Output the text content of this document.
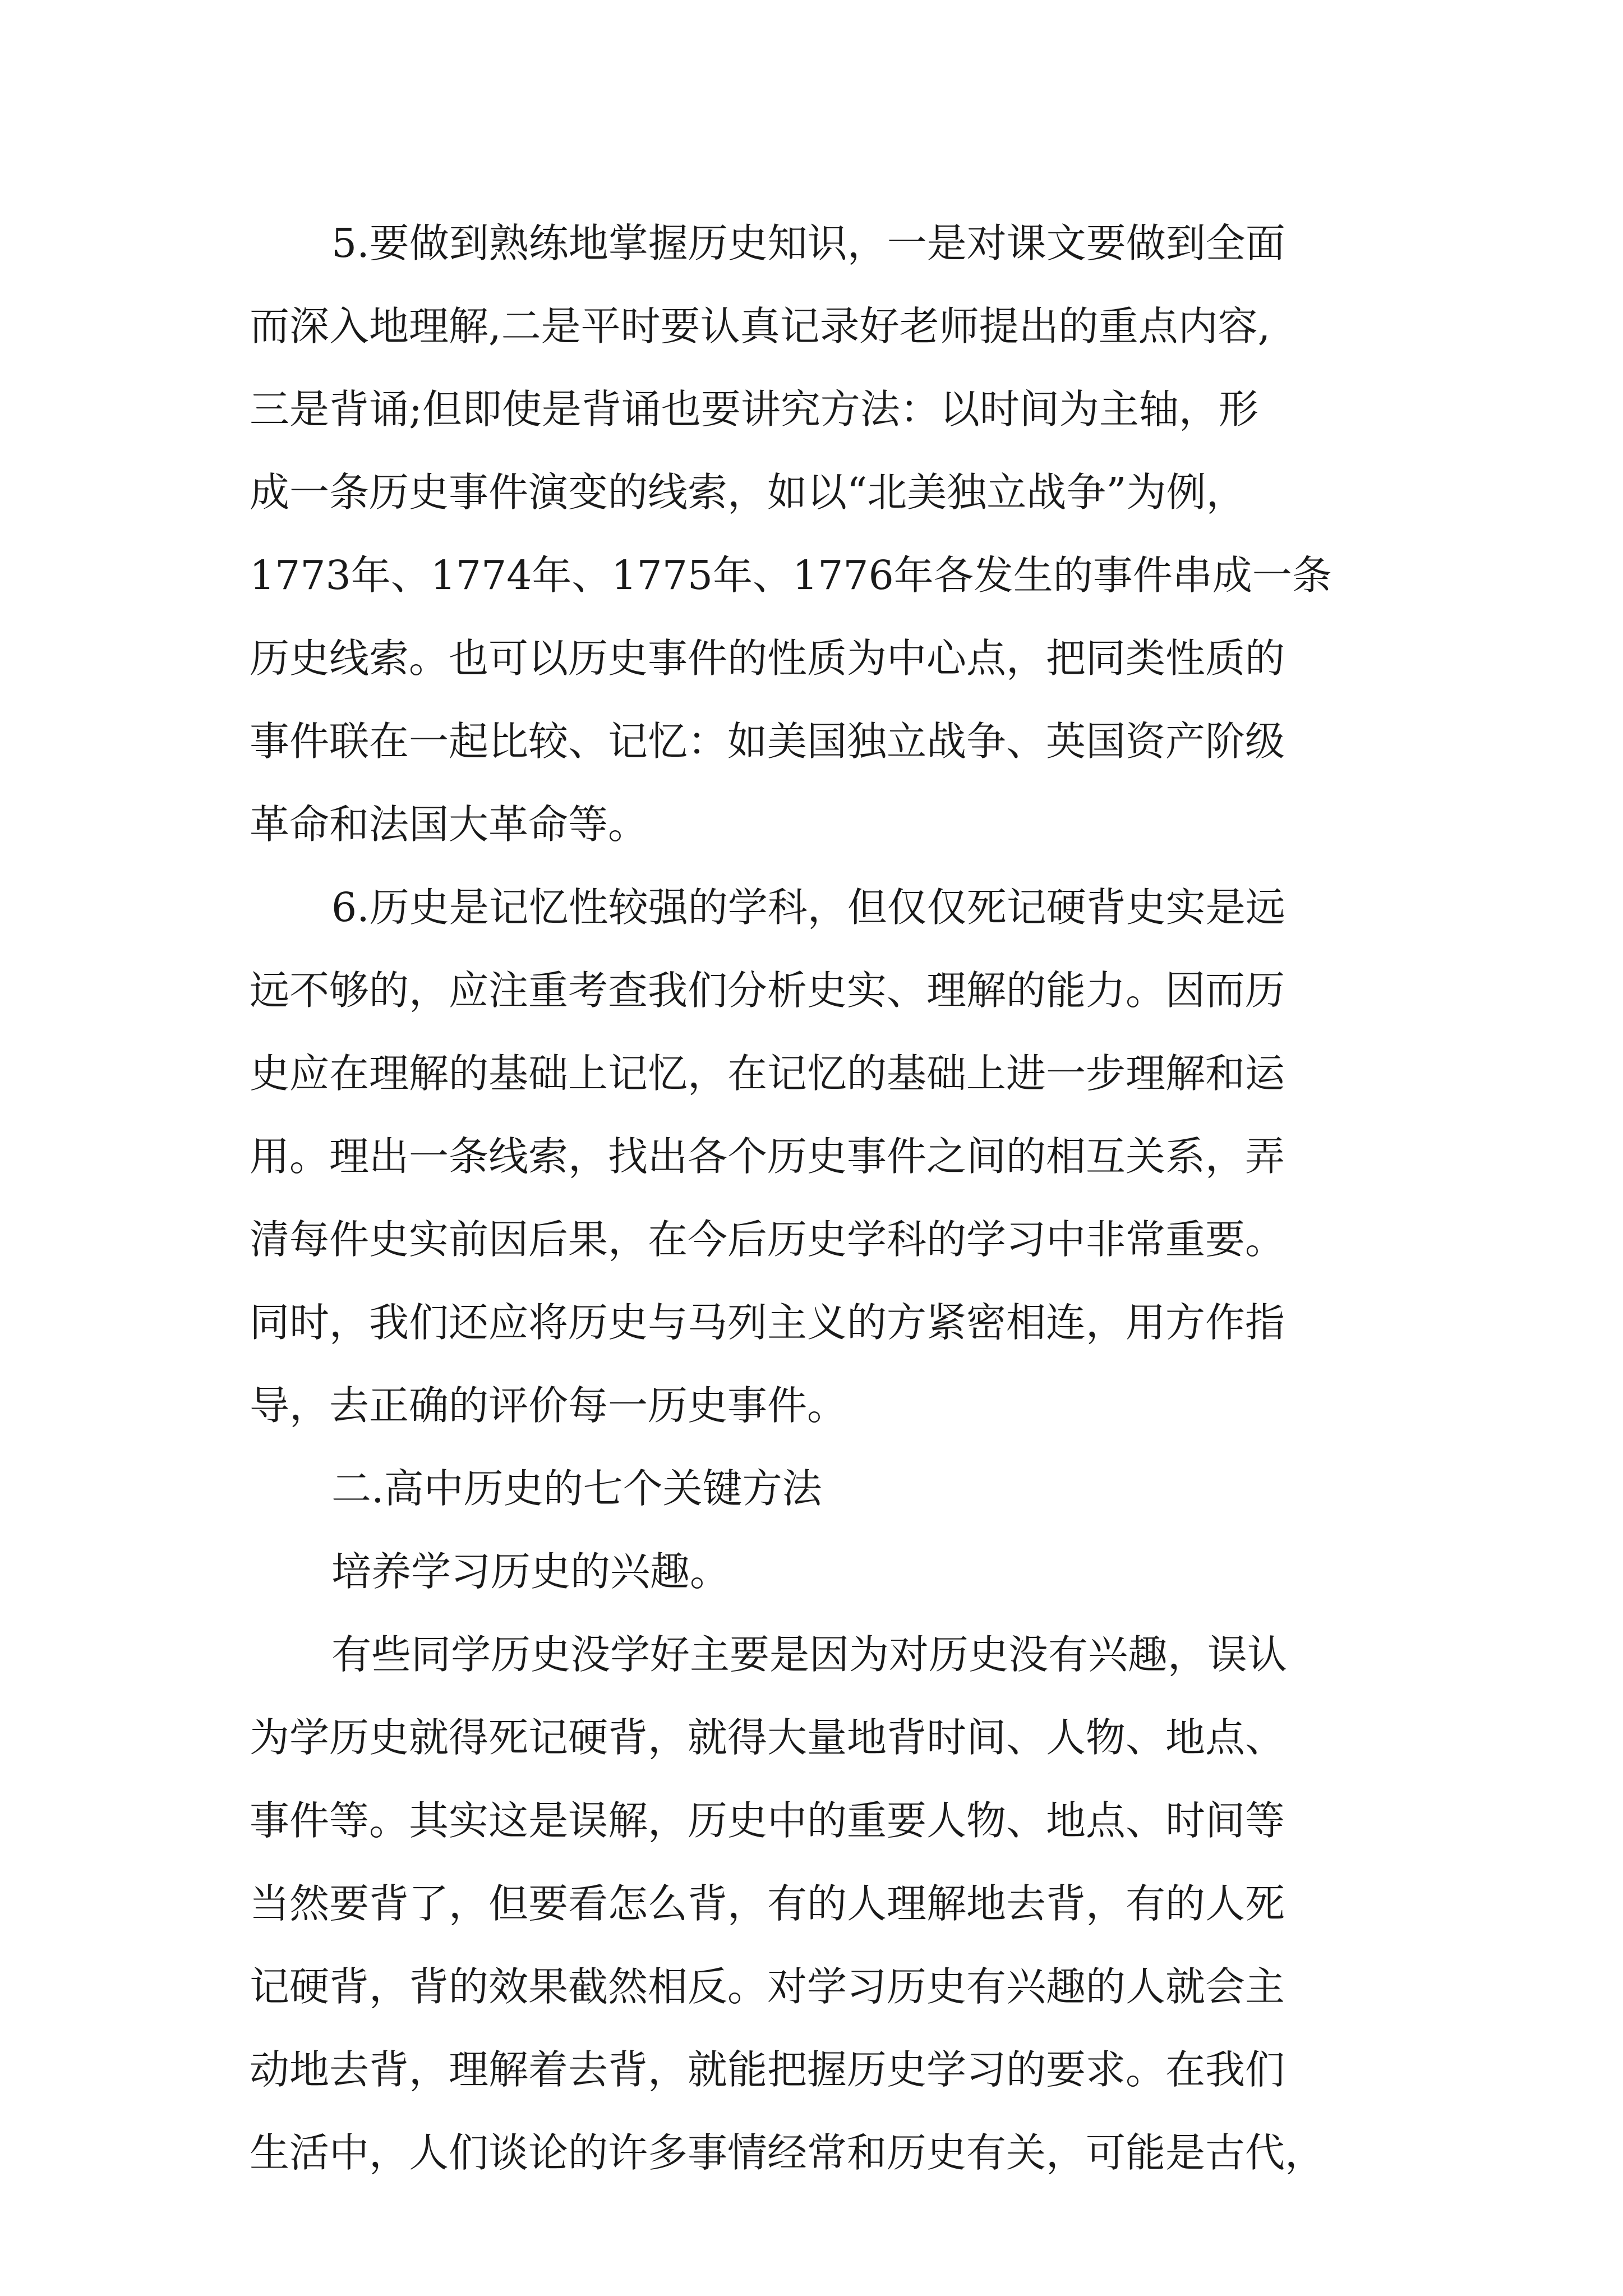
5.要做到熟练地掌握历史知识，一是对课文要做到全面
而深入地理解,二是平时要认真记录好老师提出的重点内容,
三是背诵;但即使是背诵也要讲究方法：以时间为主轴，形
成一条历史事件演变的线索，如以“北美独立战争”为例，
1773年、1774年、1775年、1776年各发生的事件串成一条
历史线索。也可以历史事件的性质为中心点，把同类性质的
事件联在一起比较、记忆：如美国独立战争、英国资产阶级
革命和法国大革命等。
6.历史是记忆性较强的学科，但仅仅死记硬背史实是远
远不够的，应注重考查我们分析史实、理解的能力。因而历
史应在理解的基础上记忆，在记忆的基础上进一步理解和运
用。理出一条线索，找出各个历史事件之间的相互关系，弄
清每件史实前因后果，在今后历史学科的学习中非常重要。
同时，我们还应将历史与马列主义的方紧密相连，用方作指
导，去正确的评价每一历史事件。
二.高中历史的七个关键方法
培养学习历史的兴趣。
有些同学历史没学好主要是因为对历史没有兴趣，误认
为学历史就得死记硬背，就得大量地背时间、人物、地点、
事件等。其实这是误解，历史中的重要人物、地点、时间等
当然要背了，但要看怎么背，有的人理解地去背，有的人死
记硬背，背的效果截然相反。对学习历史有兴趣的人就会主
动地去背，理解着去背，就能把握历史学习的要求。在我们
生活中，人们谈论的许多事情经常和历史有关，可能是古代，
